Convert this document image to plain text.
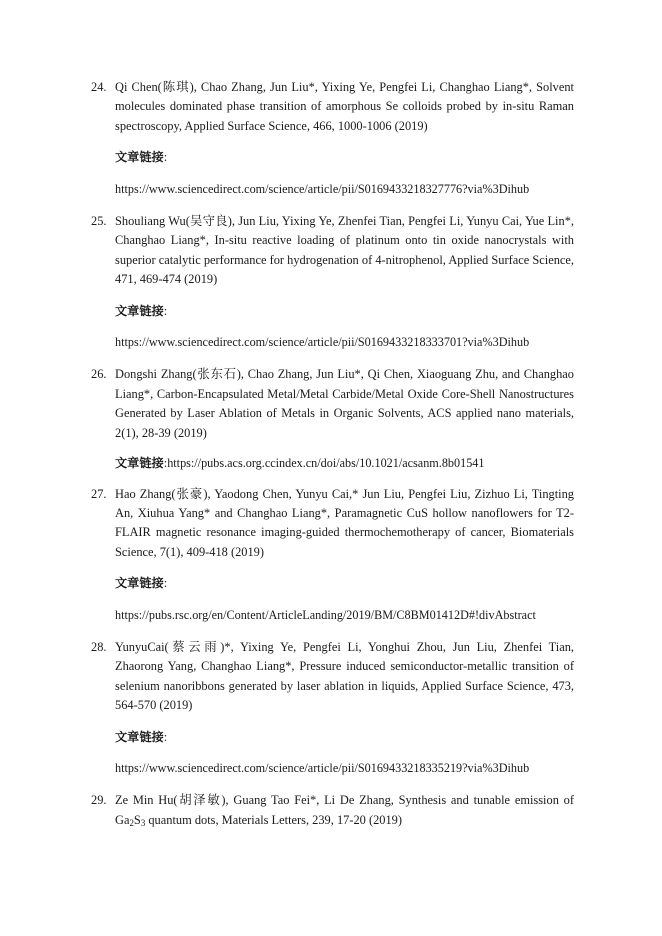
24. Qi Chen(陈琪), Chao Zhang, Jun Liu*, Yixing Ye, Pengfei Li, Changhao Liang*, Solvent molecules dominated phase transition of amorphous Se colloids probed by in-situ Raman spectroscopy, Applied Surface Science, 466, 1000-1006 (2019)

文章链接:
https://www.sciencedirect.com/science/article/pii/S0169433218327776?via%3Dihub
25. Shouliang Wu(吴守良), Jun Liu, Yixing Ye, Zhenfei Tian, Pengfei Li, Yunyu Cai, Yue Lin*, Changhao Liang*, In-situ reactive loading of platinum onto tin oxide nanocrystals with superior catalytic performance for hydrogenation of 4-nitrophenol, Applied Surface Science, 471, 469-474 (2019)

文章链接:
https://www.sciencedirect.com/science/article/pii/S0169433218333701?via%3Dihub
26. Dongshi Zhang(张东石), Chao Zhang, Jun Liu*, Qi Chen, Xiaoguang Zhu, and Changhao Liang*, Carbon-Encapsulated Metal/Metal Carbide/Metal Oxide Core-Shell Nanostructures Generated by Laser Ablation of Metals in Organic Solvents, ACS applied nano materials, 2(1), 28-39 (2019)

文章链接:https://pubs.acs.org.ccindex.cn/doi/abs/10.1021/acsanm.8b01541
27. Hao Zhang(张豪), Yaodong Chen, Yunyu Cai,* Jun Liu, Pengfei Liu, Zizhuo Li, Tingting An, Xiuhua Yang* and Changhao Liang*, Paramagnetic CuS hollow nanoflowers for T2-FLAIR magnetic resonance imaging-guided thermochemotherapy of cancer, Biomaterials Science, 7(1), 409-418 (2019)

文章链接:
https://pubs.rsc.org/en/Content/ArticleLanding/2019/BM/C8BM01412D#!divAbstract
28. YunyuCai(蔡云雨)*, Yixing Ye, Pengfei Li, Yonghui Zhou, Jun Liu, Zhenfei Tian, Zhaorong Yang, Changhao Liang*, Pressure induced semiconductor-metallic transition of selenium nanoribbons generated by laser ablation in liquids, Applied Surface Science, 473, 564-570 (2019)

文章链接:
https://www.sciencedirect.com/science/article/pii/S0169433218335219?via%3Dihub
29. Ze Min Hu(胡泽敏), Guang Tao Fei*, Li De Zhang, Synthesis and tunable emission of $Ga_2S_3$ quantum dots, Materials Letters, 239, 17-20 (2019)
